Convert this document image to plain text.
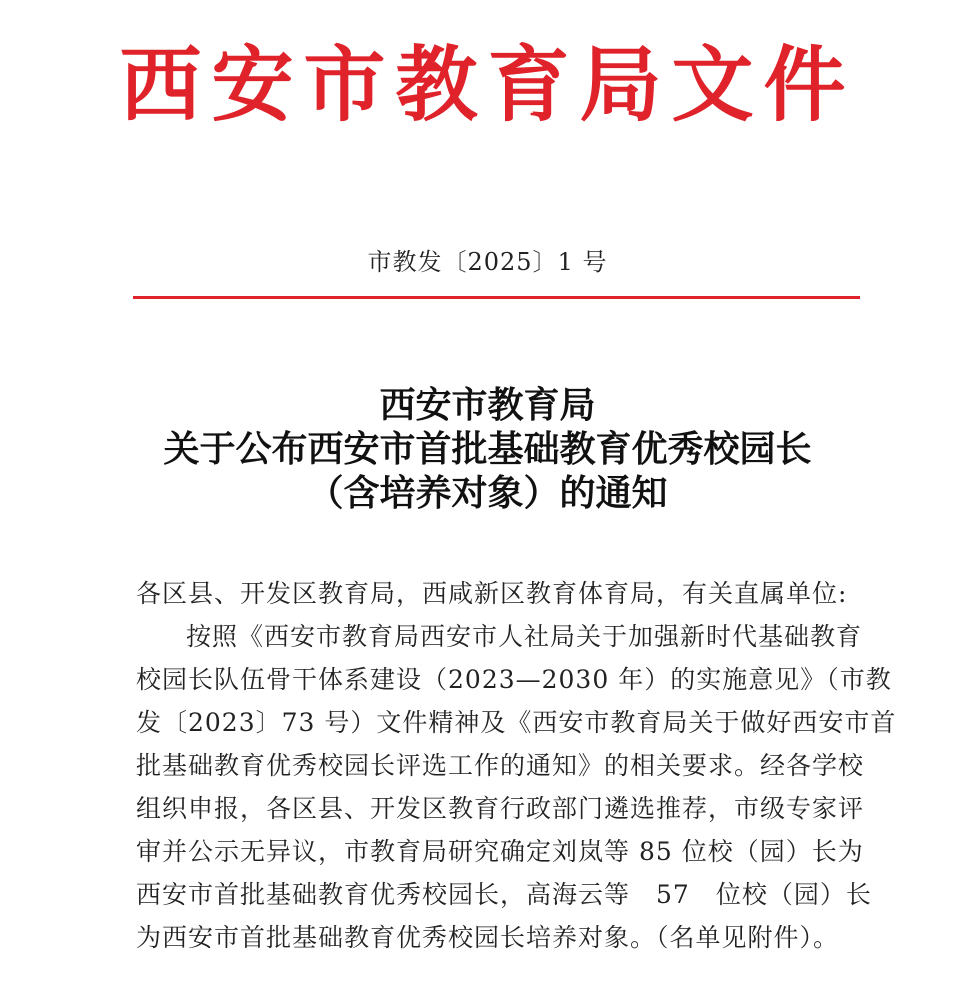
西安市教育局文件
市教发〔2025〕1 号
西安市教育局
关于公布西安市首批基础教育优秀校园长
（含培养对象）的通知
各区县、开发区教育局，西咸新区教育体育局，有关直属单位:
按照《西安市教育局西安市人社局关于加强新时代基础教育
校园长队伍骨干体系建设（2023—2030 年）的实施意见》（市教
发〔2023〕73 号）文件精神及《西安市教育局关于做好西安市首
批基础教育优秀校园长评选工作的通知》的相关要求。经各学校
组织申报，各区县、开发区教育行政部门遴选推荐，市级专家评
审并公示无异议，市教育局研究确定刘岚等 85 位校（园）长为
西安市首批基础教育优秀校园长，高海云等　57　位校（园）长
为西安市首批基础教育优秀校园长培养对象。（名单见附件）。
